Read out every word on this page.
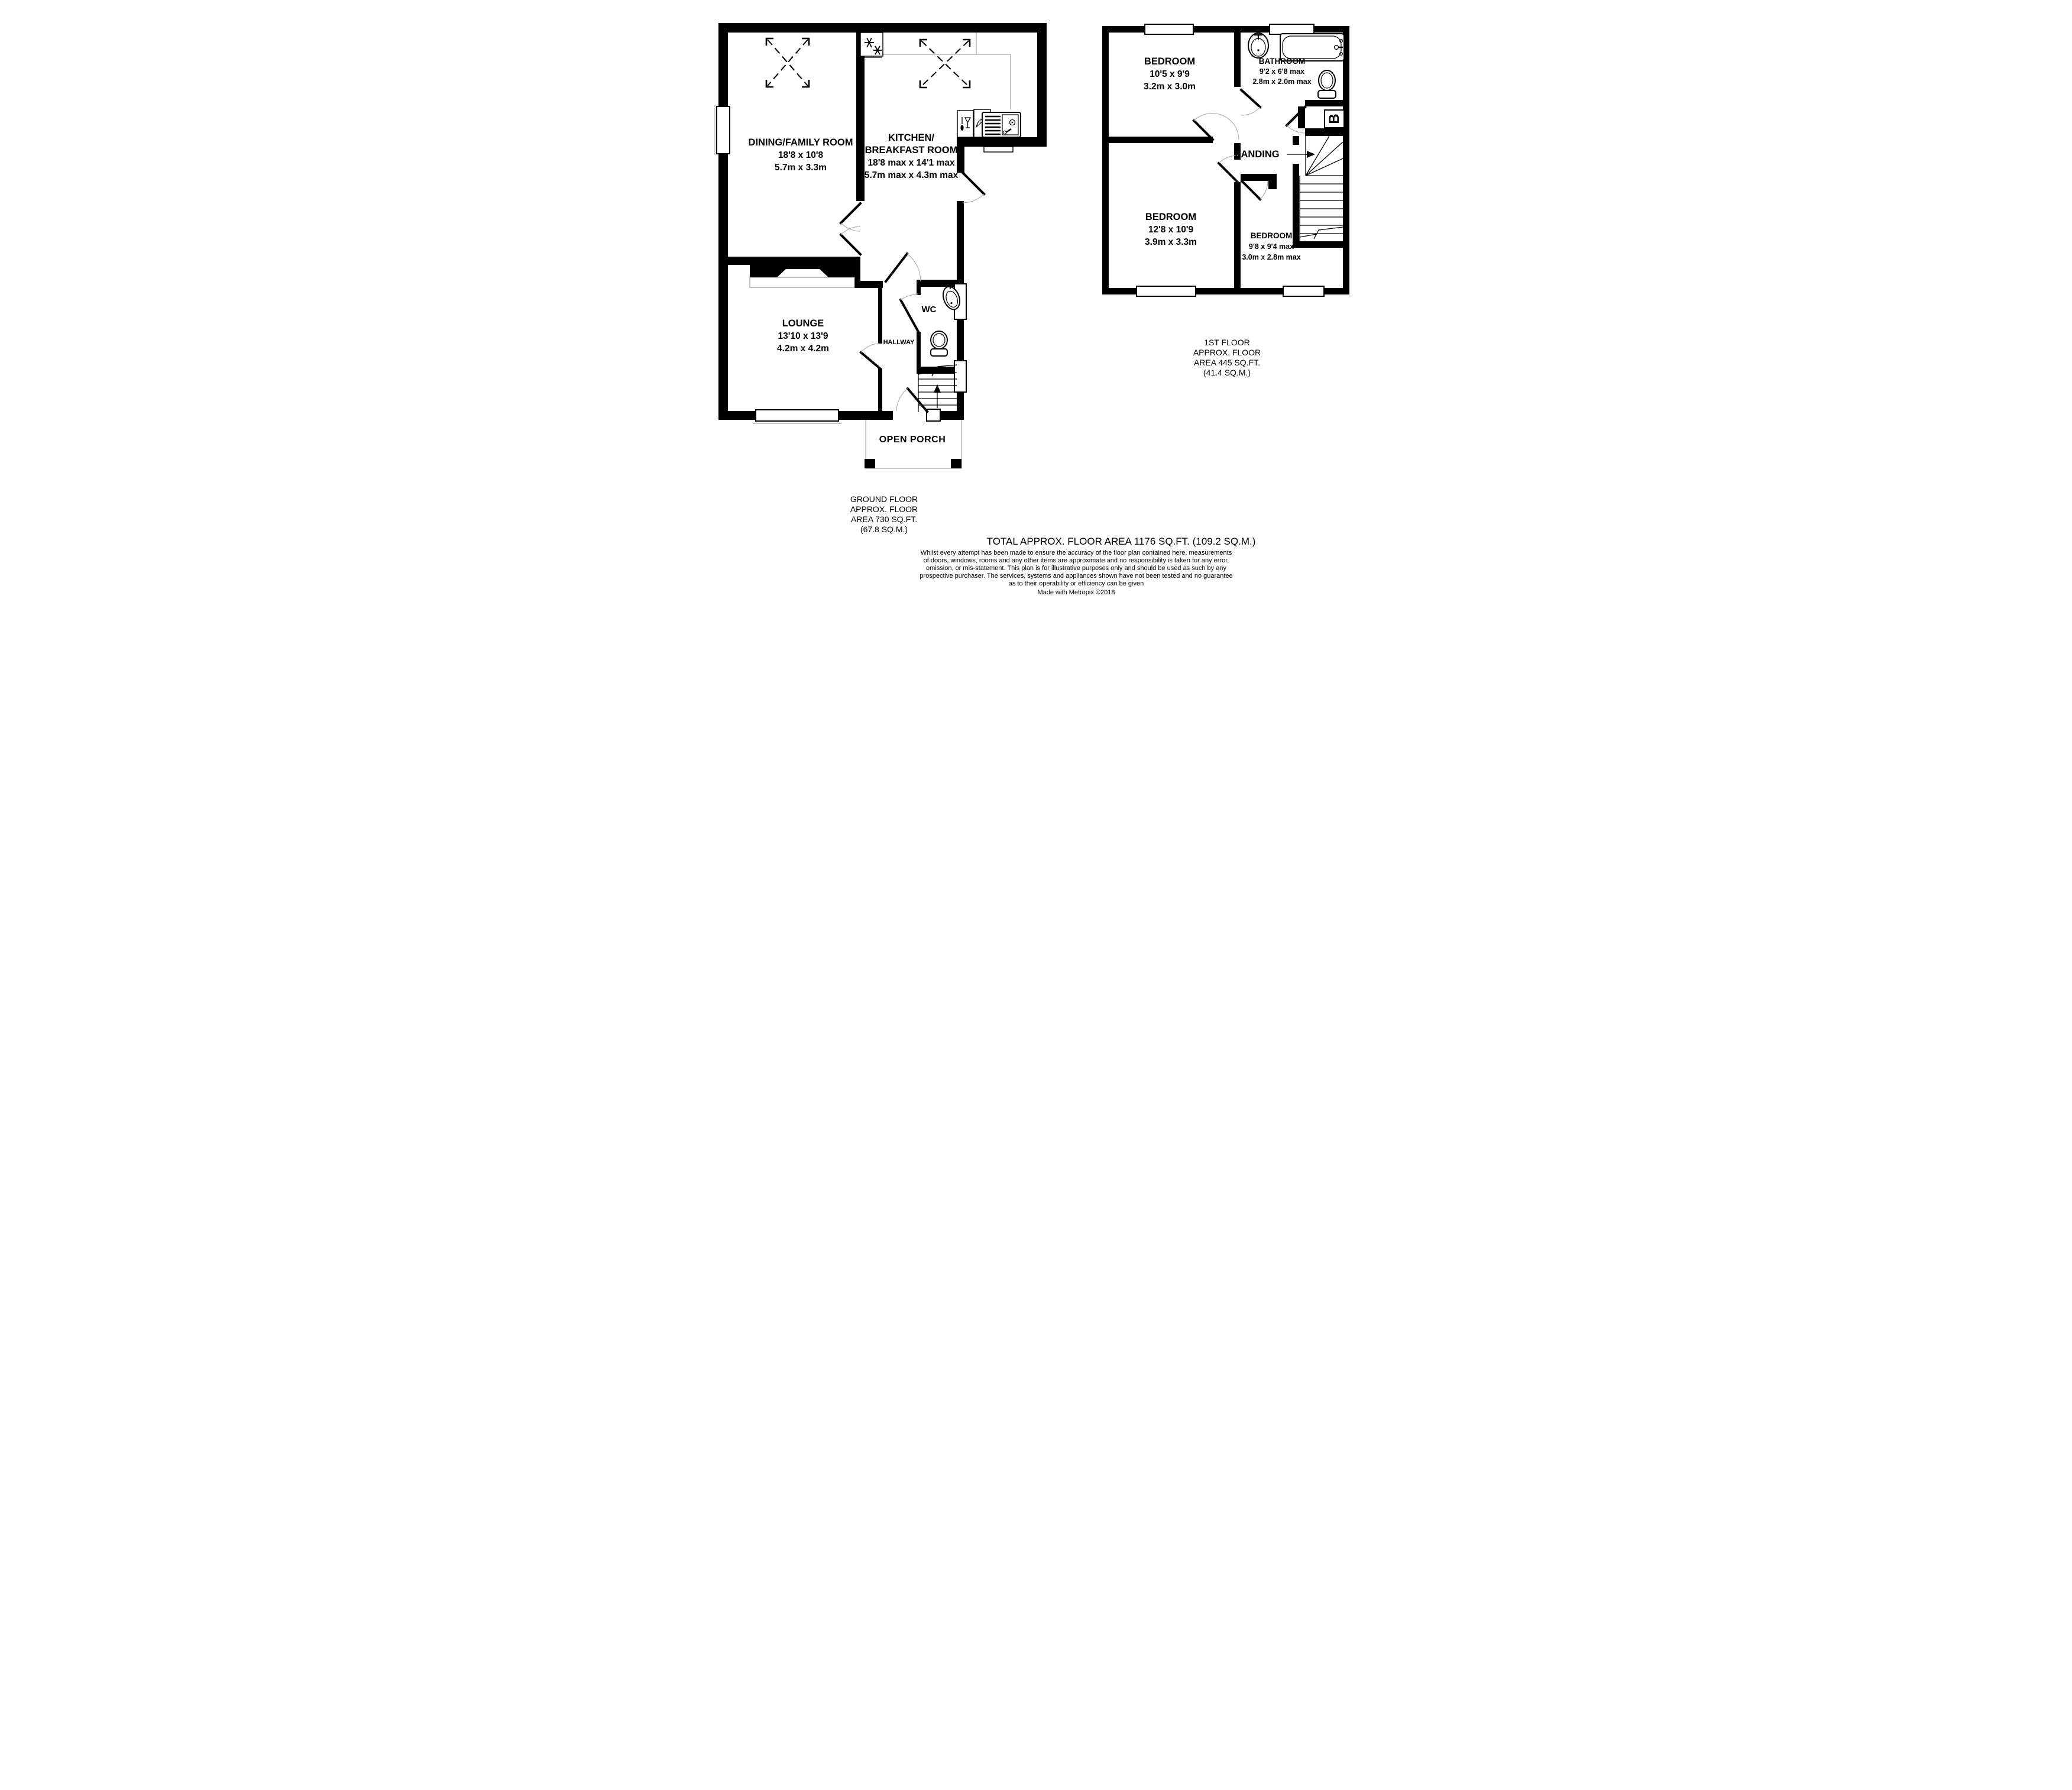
DINING/FAMILY ROOM
18'8 x 10'8
5.7m x 3.3m
KITCHEN/
BREAKFAST ROOM
18'8 max x 14'1 max
5.7m max x 4.3m max
LOUNGE
13'10 x 13'9
4.2m x 4.2m
WC
HALLWAY
OPEN PORCH
GROUND FLOOR
APPROX. FLOOR
AREA 730 SQ.FT.
(67.8 SQ.M.)
B
BEDROOM
10'5 x 9'9
3.2m x 3.0m
BATHROOM
9'2 x 6'8 max
2.8m x 2.0m max
BEDROOM
12'8 x 10'9
3.9m x 3.3m
BEDROOM
9'8 x 9'4 max
3.0m x 2.8m max
LANDING
1ST FLOOR
APPROX. FLOOR
AREA 445 SQ.FT.
(41.4 SQ.M.)
TOTAL APPROX. FLOOR AREA 1176 SQ.FT. (109.2 SQ.M.)
Whilst every attempt has been made to ensure the accuracy of the floor plan contained here, measurements
of doors, windows, rooms and any other items are approximate and no responsibility is taken for any error,
omission, or mis-statement. This plan is for illustrative purposes only and should be used as such by any
prospective purchaser. The services, systems and appliances shown have not been tested and no guarantee
as to their operability or efficiency can be given
Made with Metropix ©2018
